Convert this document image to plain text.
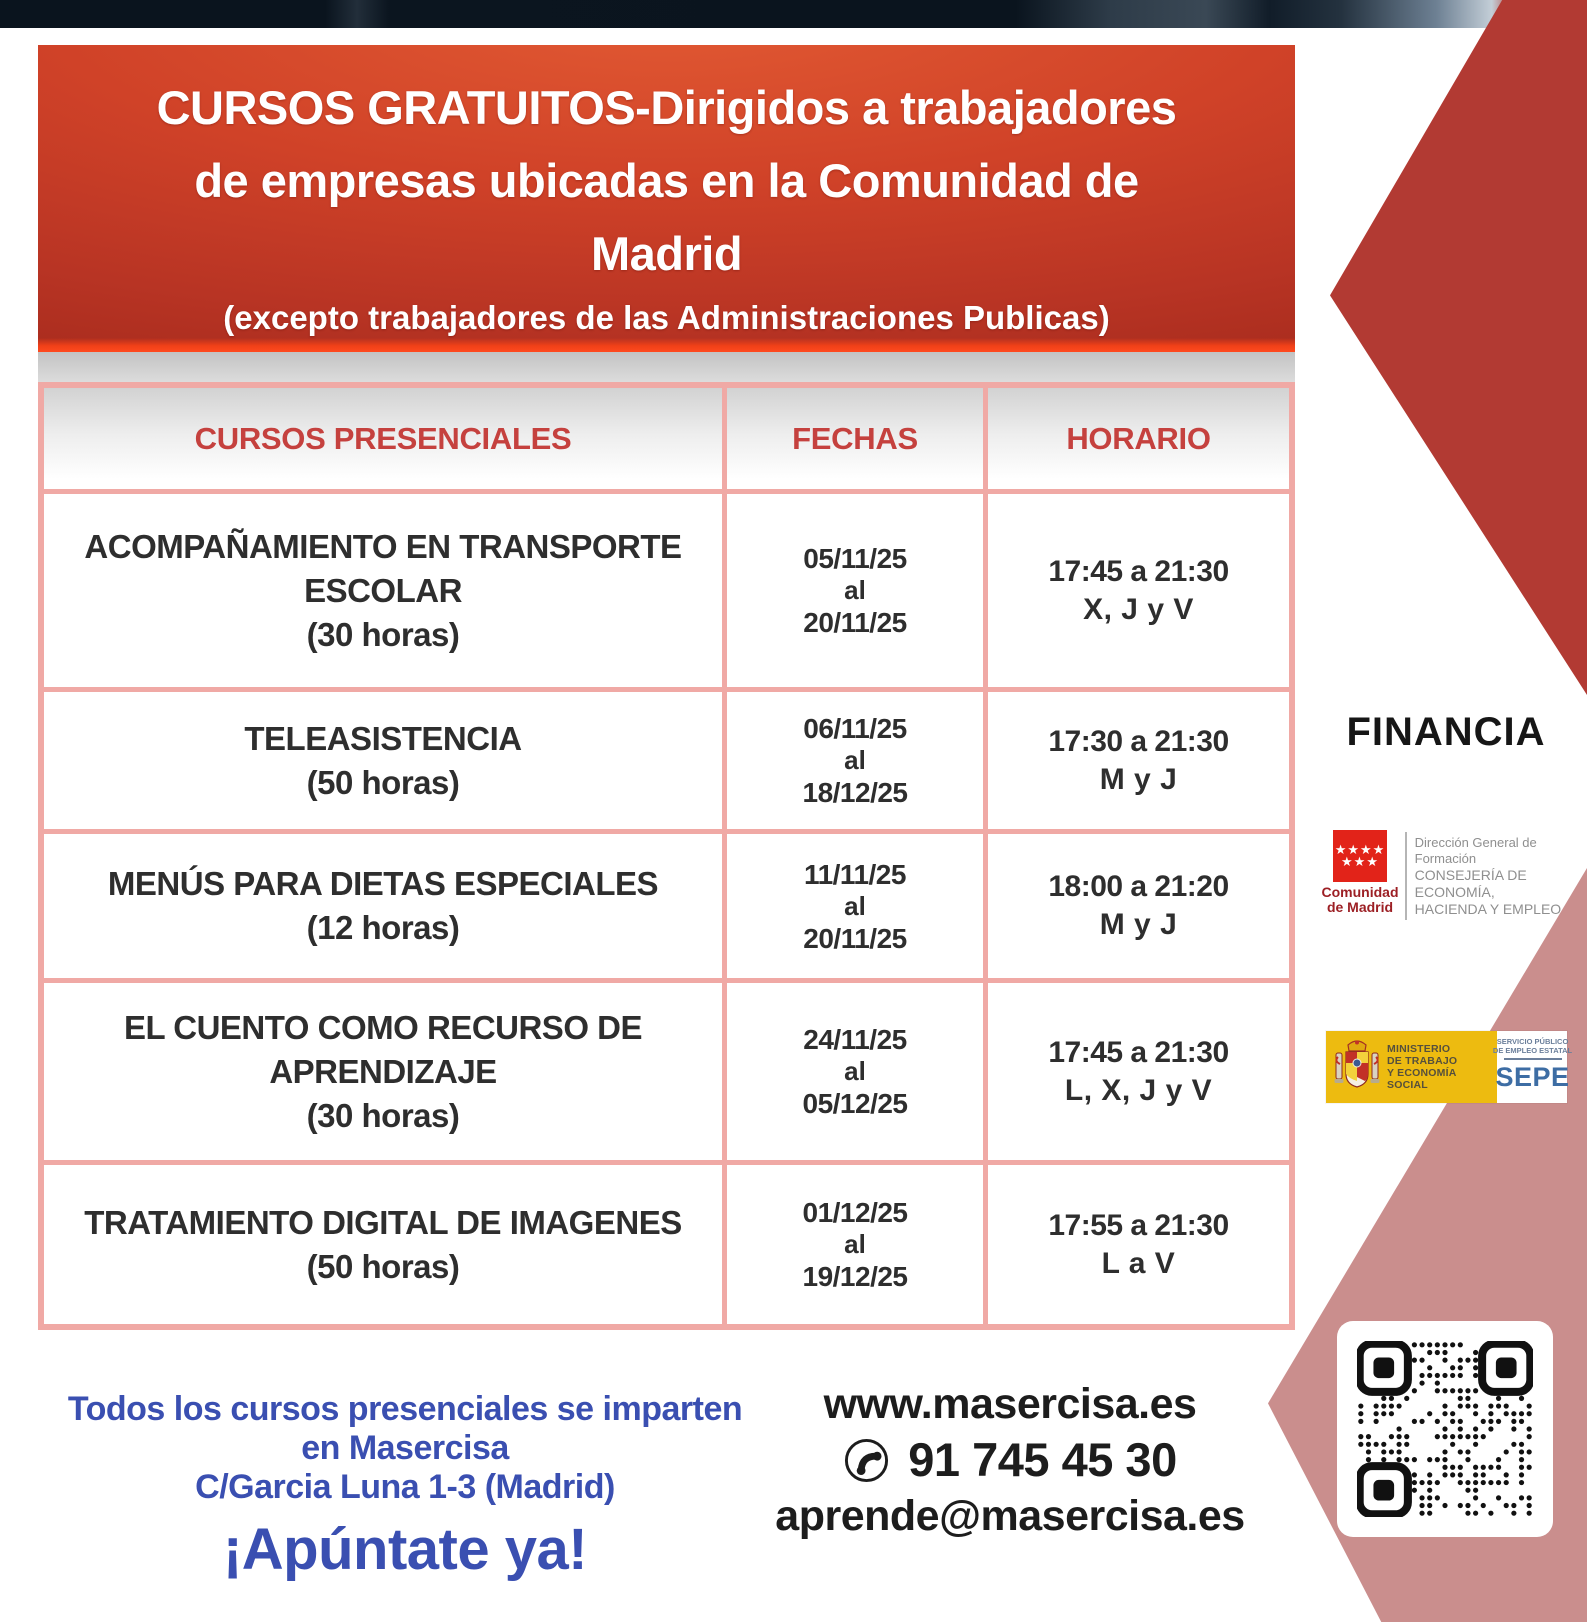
CURSOS GRATUITOS-Dirigidos a trabajadores
de empresas ubicadas en la Comunidad de
Madrid
(excepto trabajadores de las Administraciones Publicas)
CURSOS PRESENCIALES	FECHAS	HORARIO
ACOMPAÑAMIENTO EN TRANSPORTE ESCOLAR
(30 horas)
05/11/25
al
20/11/25
17:45 a 21:30
X, J y V
TELEASISTENCIA
(50 horas)
06/11/25
al
18/12/25
17:30 a 21:30
M y J
MENÚS PARA DIETAS ESPECIALES
(12 horas)
11/11/25
al
20/11/25
18:00 a 21:20
M y J
EL CUENTO COMO RECURSO DE APRENDIZAJE
(30 horas)
24/11/25
al
05/12/25
17:45 a 21:30
L, X, J y V
TRATAMIENTO DIGITAL DE IMAGENES
(50 horas)
01/12/25
al
19/12/25
17:55 a 21:30
L a V
Todos los cursos presenciales se imparten
en Masercisa
C/Garcia Luna 1-3 (Madrid)
¡Apúntate ya!
www.masercisa.es
91 745 45 30
aprende@masercisa.es
FINANCIA
★★★★
★★★
Comunidad
de Madrid
Dirección General de Formación
CONSEJERÍA DE ECONOMÍA,
HACIENDA Y EMPLEO
MINISTERIO
DE TRABAJO
Y ECONOMÍA SOCIAL
SERVICIO PÚBLICO
DE EMPLEO ESTATAL
SEPE
